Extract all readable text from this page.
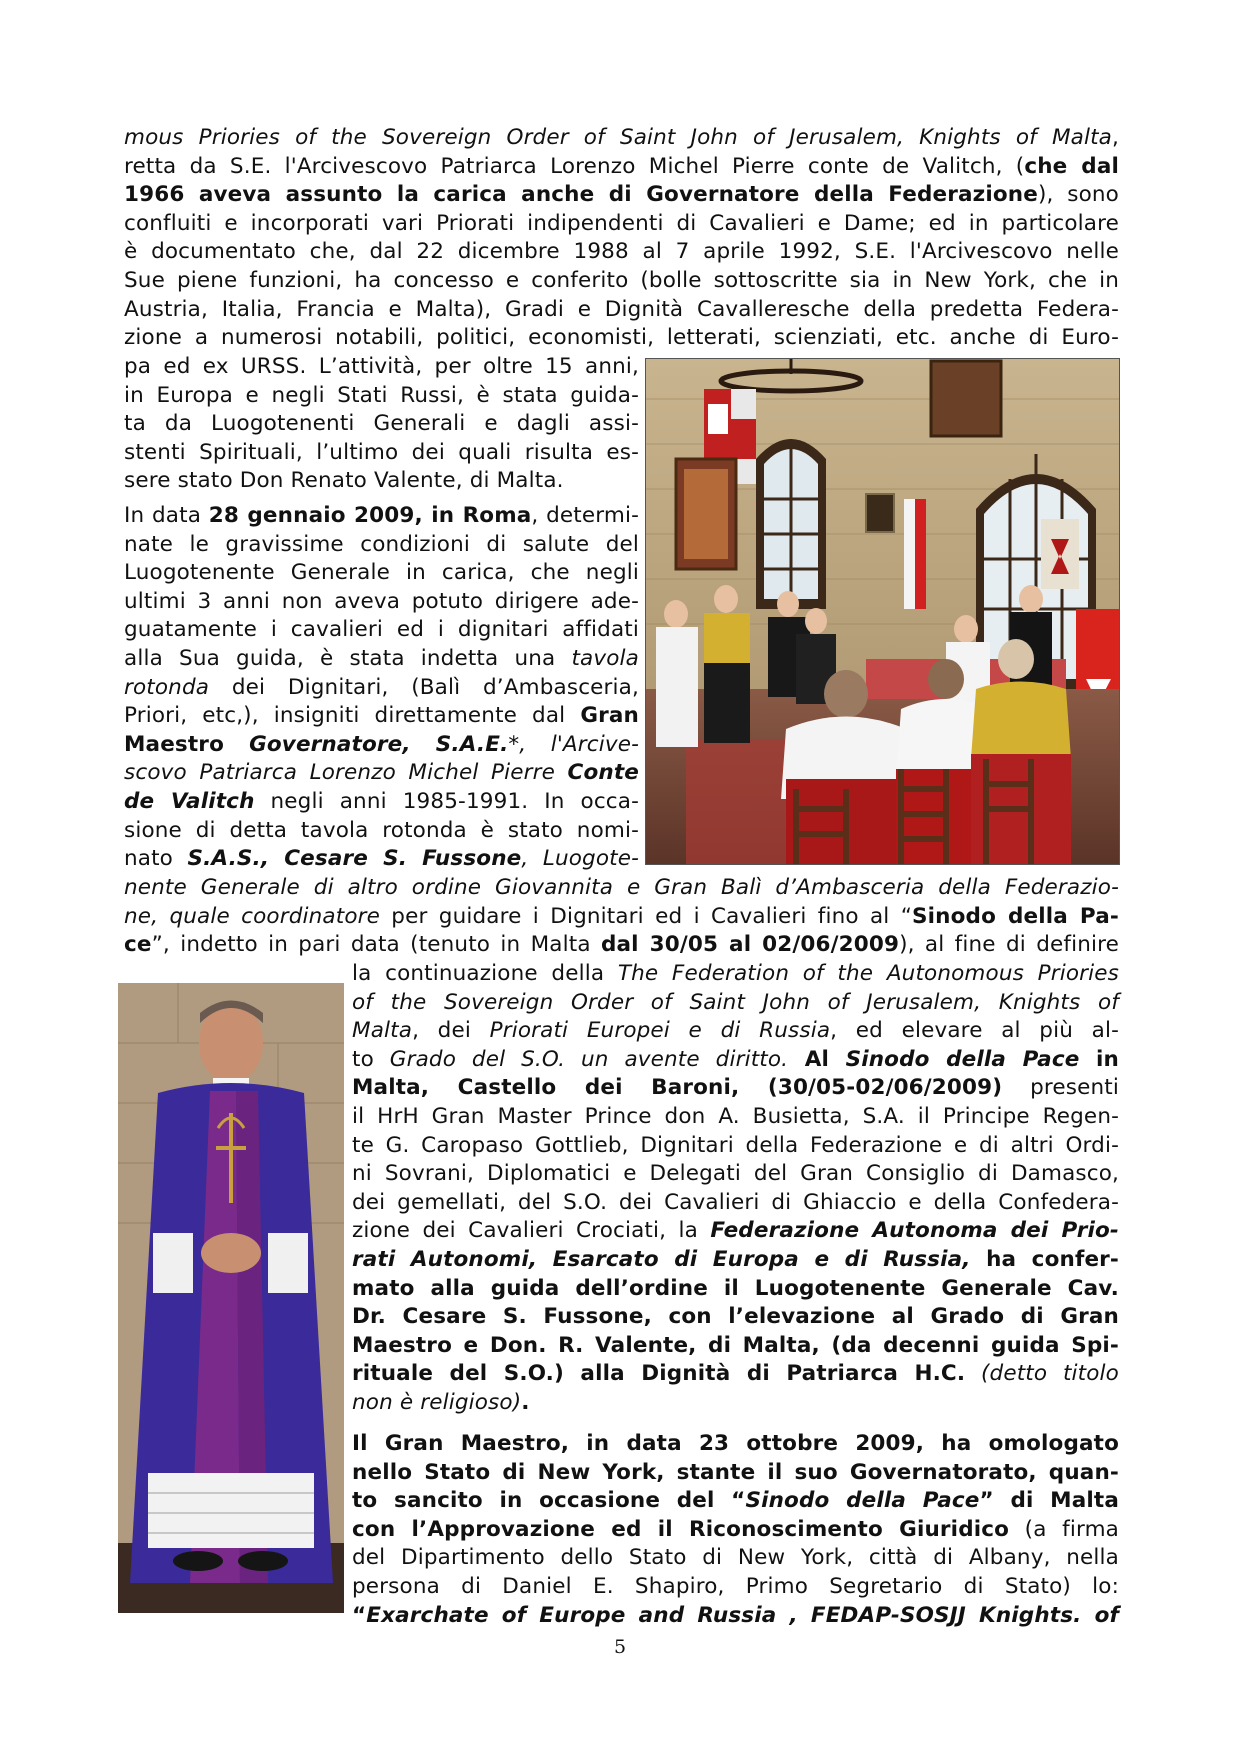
mous Priories of the Sovereign Order of Saint John of Jerusalem, Knights of Malta,
retta da S.E. l'Arcivescovo Patriarca Lorenzo Michel Pierre conte de Valitch, (che dal
1966 aveva assunto la carica anche di Governatore della Federazione), sono
confluiti e incorporati vari Priorati indipendenti di Cavalieri e Dame; ed in particolare
è documentato che, dal 22 dicembre 1988 al 7 aprile 1992, S.E. l'Arcivescovo nelle
Sue piene funzioni, ha concesso e conferito (bolle sottoscritte sia in New York, che in
Austria, Italia, Francia e Malta), Gradi e Dignità Cavalleresche della predetta Federa-
zione a numerosi notabili, politici, economisti, letterati, scienziati, etc. anche di Euro-
pa ed ex URSS. L’attività, per oltre 15 anni,
in Europa e negli Stati Russi, è stata guida-
ta da Luogotenenti Generali e dagli assi-
stenti Spirituali, l’ultimo dei quali risulta es-
sere stato Don Renato Valente, di Malta.
In data 28 gennaio 2009, in Roma, determi-
nate le gravissime condizioni di salute del
Luogotenente Generale in carica, che negli
ultimi 3 anni non aveva potuto dirigere ade-
guatamente i cavalieri ed i dignitari affidati
alla Sua guida, è stata indetta una tavola
rotonda dei Dignitari, (Balì d’Ambasceria,
Priori, etc,), insigniti direttamente dal Gran
Maestro Governatore, S.A.E.*, l'Arcive-
scovo Patriarca Lorenzo Michel Pierre Conte
de Valitch negli anni 1985-1991. In occa-
sione di detta tavola rotonda è stato nomi-
nato S.A.S., Cesare S. Fussone, Luogote-
nente Generale di altro ordine Giovannita e Gran Balì d’Ambasceria della Federazio-
ne, quale coordinatore per guidare i Dignitari ed i Cavalieri fino al “Sinodo della Pa-
ce”, indetto in pari data (tenuto in Malta dal 30/05 al 02/06/2009), al fine di definire
la continuazione della The Federation of the Autonomous Priories
of the Sovereign Order of Saint John of Jerusalem, Knights of
Malta, dei Priorati Europei e di Russia, ed elevare al più al-
to Grado del S.O. un avente diritto. Al Sinodo della Pace in
Malta, Castello dei Baroni, (30/05-02/06/2009) presenti
il HrH Gran Master Prince don A. Busietta, S.A. il Principe Regen-
te G. Caropaso Gottlieb, Dignitari della Federazione e di altri Ordi-
ni Sovrani, Diplomatici e Delegati del Gran Consiglio di Damasco,
dei gemellati, del S.O. dei Cavalieri di Ghiaccio e della Confedera-
zione dei Cavalieri Crociati, la Federazione Autonoma dei Prio-
rati Autonomi, Esarcato di Europa e di Russia, ha confer-
mato alla guida dell’ordine il Luogotenente Generale Cav.
Dr. Cesare S. Fussone, con l’elevazione al Grado di Gran
Maestro e Don. R. Valente, di Malta, (da decenni guida Spi-
rituale del S.O.) alla Dignità di Patriarca H.C. (detto titolo
non è religioso).
Il Gran Maestro, in data 23 ottobre 2009, ha omologato
nello Stato di New York, stante il suo Governatorato, quan-
to sancito in occasione del “Sinodo della Pace” di Malta
con l’Approvazione ed il Riconoscimento Giuridico (a firma
del Dipartimento dello Stato di New York, città di Albany, nella
persona di Daniel E. Shapiro, Primo Segretario di Stato) lo:
“Exarchate of Europe and Russia , FEDAP-SOSJJ Knights. of
5
